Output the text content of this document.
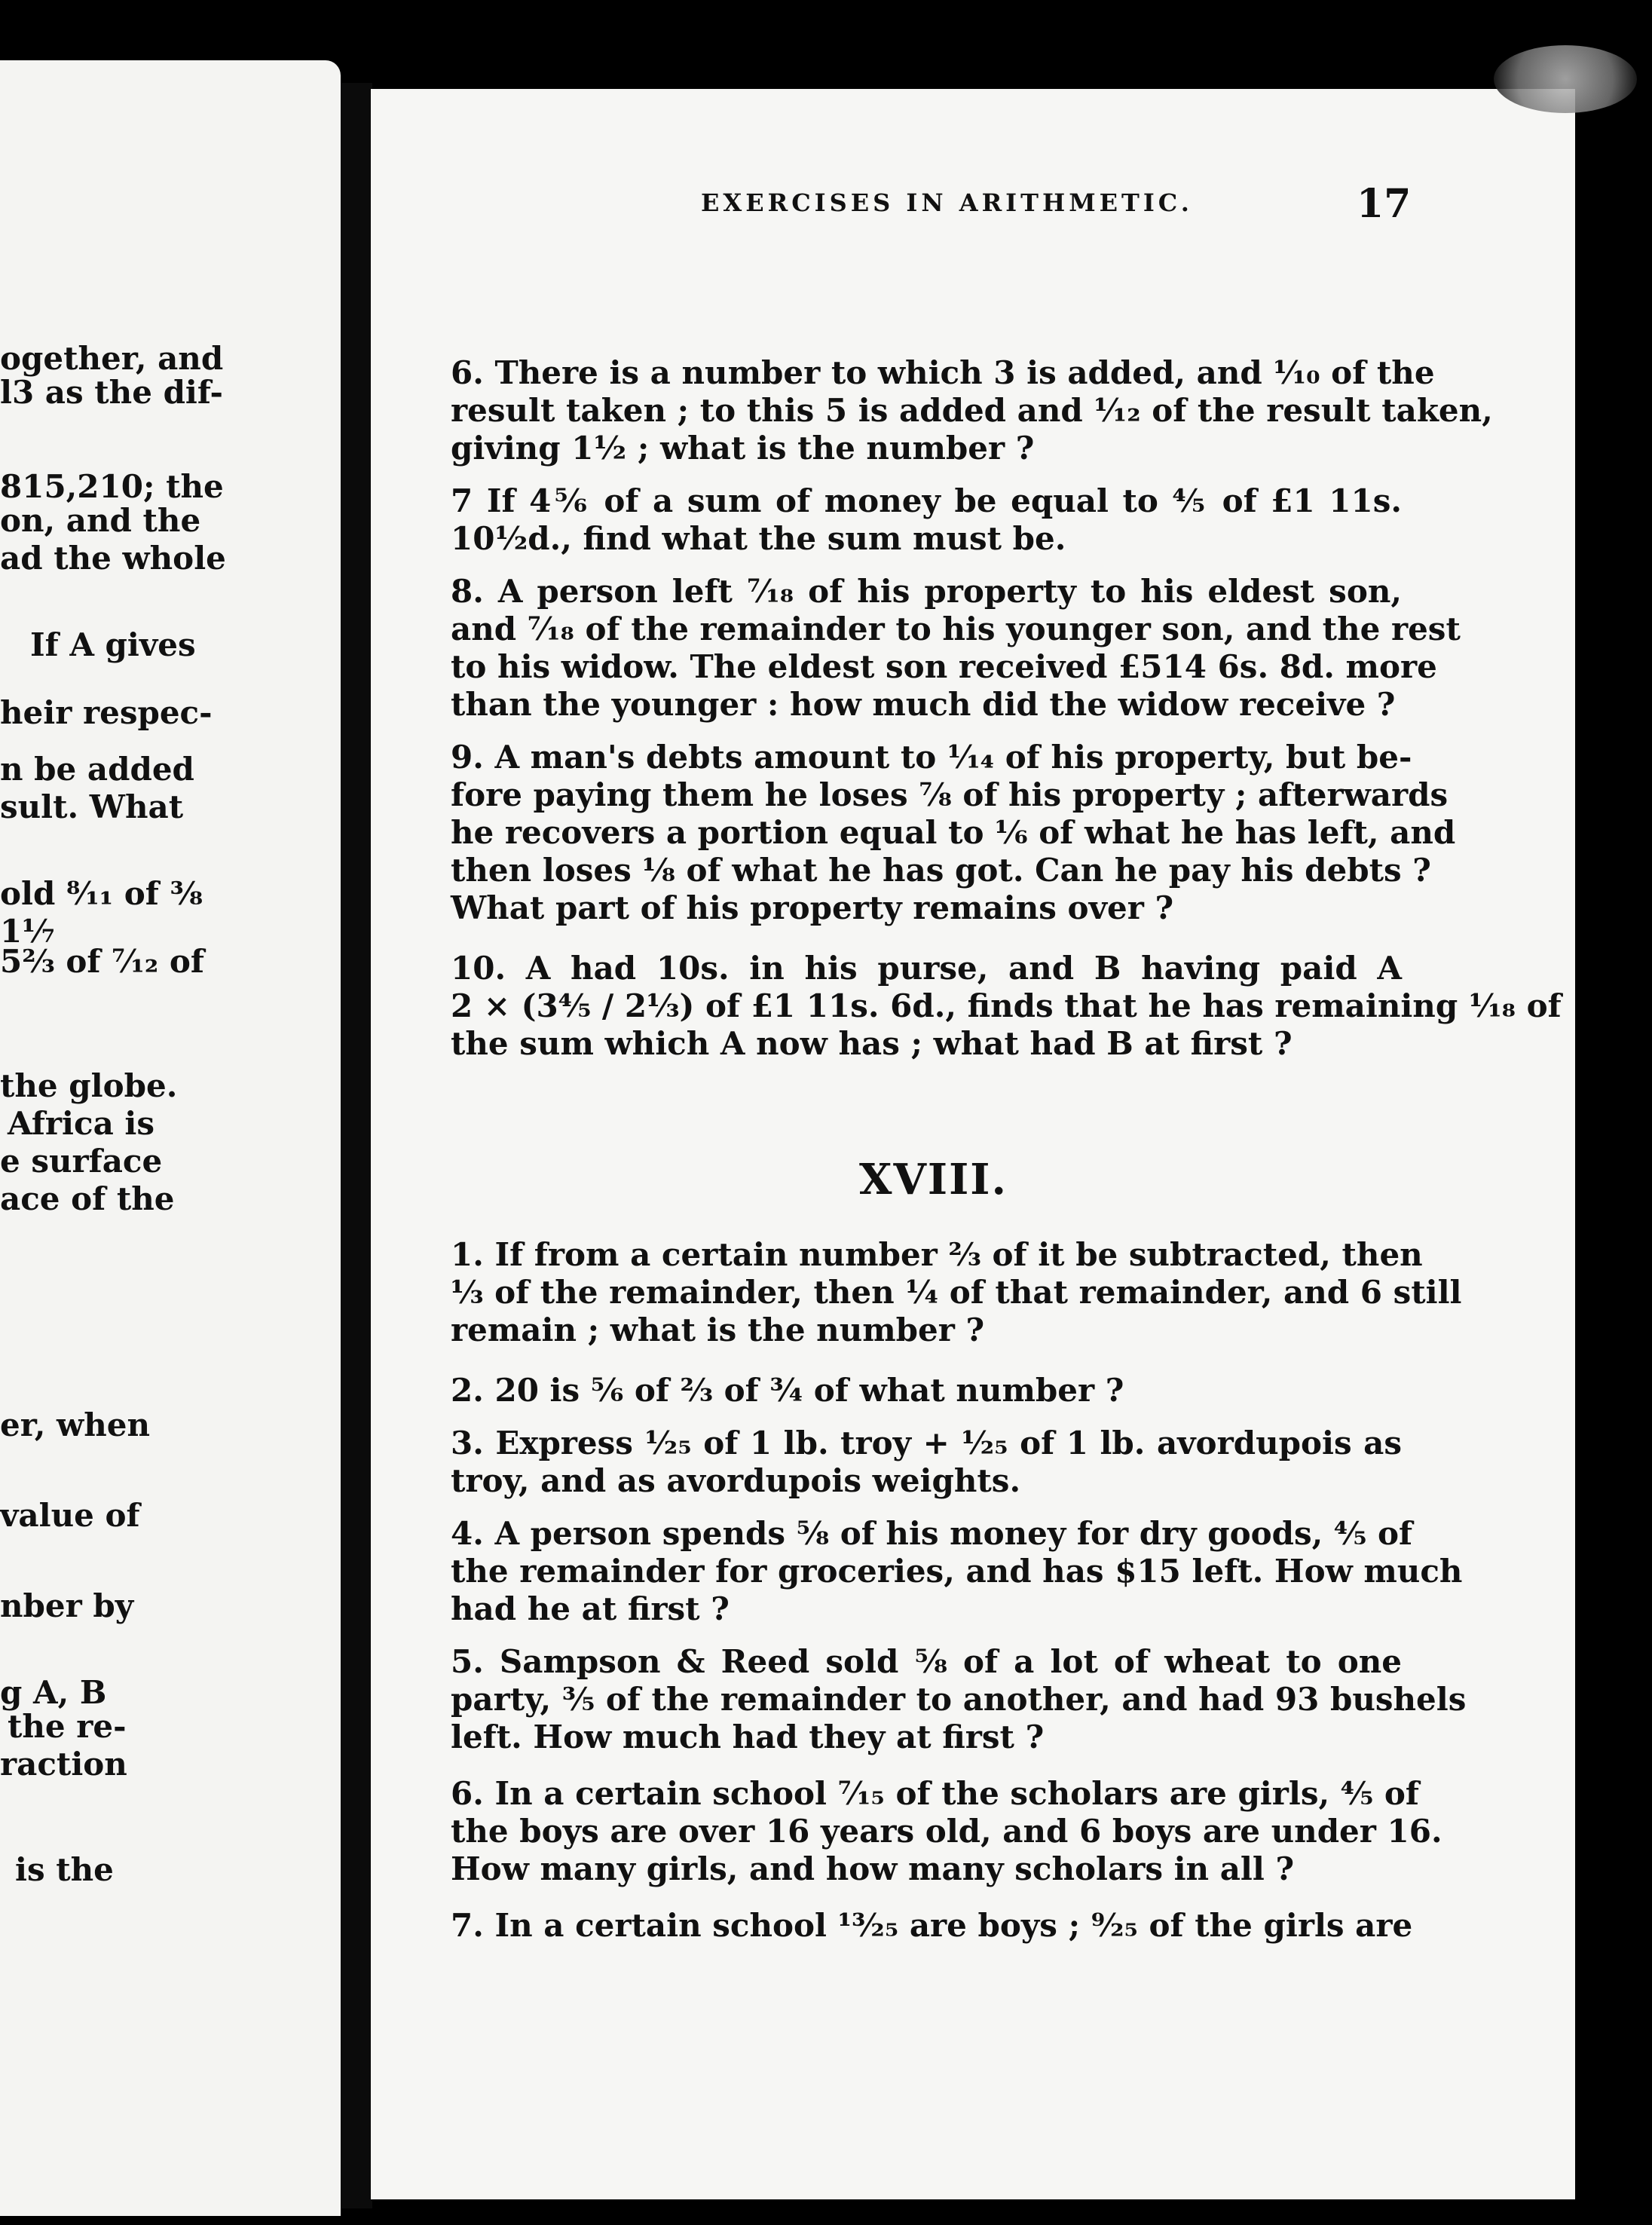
ogether, and
l3 as the dif-
815,210; the
on, and the
ad the whole
If A gives
heir respec-
n be added
sult. What
old ⁸⁄₁₁ of ⅜
1⅐
5⅔ of ⁷⁄₁₂ of
the globe.
Africa is
e surface
ace of the
er, when
value of
nber by
g A, B
the re-
raction
is the
EXERCISES IN ARITHMETIC.	17
6. There is a number to which 3 is added, and ¹⁄₁₀ of the
result taken ; to this 5 is added and ¹⁄₁₂ of the result taken,
giving 1½ ; what is the number ?
7 If 4⅚ of a sum of money be equal to ⅘ of £1 11s.
10½d., find what the sum must be.
8. A person left ⁷⁄₁₈ of his property to his eldest son,
and ⁷⁄₁₈ of the remainder to his younger son, and the rest
to his widow. The eldest son received £514 6s. 8d. more
than the younger : how much did the widow receive ?
9. A man's debts amount to ¹⁄₁₄ of his property, but be-
fore paying them he loses ⅞ of his property ; afterwards
he recovers a portion equal to ⅙ of what he has left, and
then loses ⅛ of what he has got. Can he pay his debts ?
What part of his property remains over ?
10. A had 10s. in his purse, and B having paid A
2 × (3⅘ / 2⅓) of £1 11s. 6d., finds that he has remaining ¹⁄₁₈ of
the sum which A now has ; what had B at first ?
XVIII.
1. If from a certain number ⅔ of it be subtracted, then
⅓ of the remainder, then ¼ of that remainder, and 6 still
remain ; what is the number ?
2. 20 is ⅚ of ⅔ of ¾ of what number ?
3. Express ¹⁄₂₅ of 1 lb. troy + ¹⁄₂₅ of 1 lb. avordupois as
troy, and as avordupois weights.
4. A person spends ⅝ of his money for dry goods, ⅘ of
the remainder for groceries, and has $15 left. How much
had he at first ?
5. Sampson & Reed sold ⅝ of a lot of wheat to one
party, ⅗ of the remainder to another, and had 93 bushels
left. How much had they at first ?
6. In a certain school ⁷⁄₁₅ of the scholars are girls, ⅘ of
the boys are over 16 years old, and 6 boys are under 16.
How many girls, and how many scholars in all ?
7. In a certain school ¹³⁄₂₅ are boys ; ⁹⁄₂₅ of the girls are
